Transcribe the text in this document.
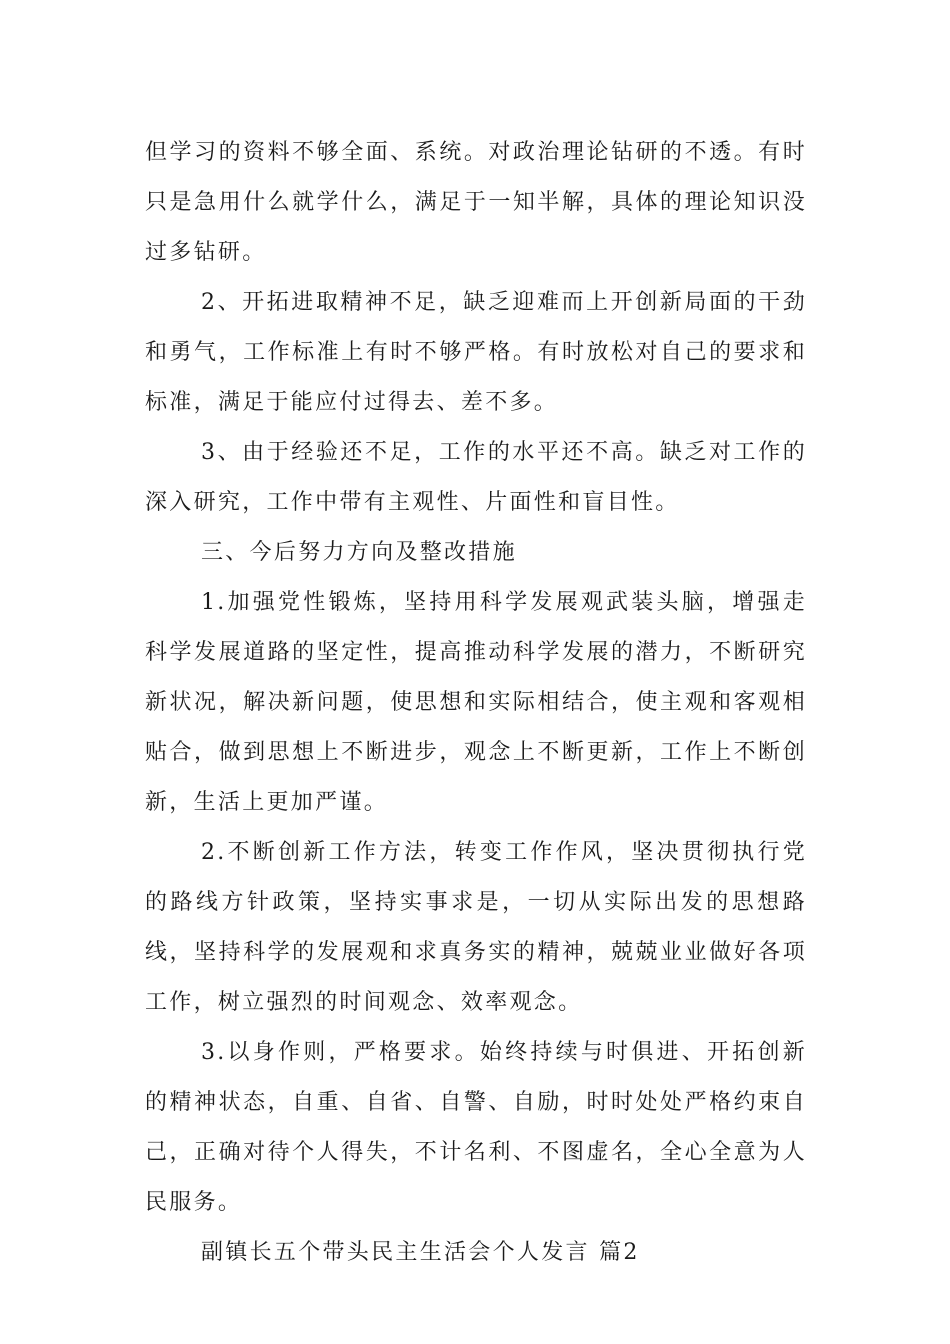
但学习的资料不够全面、系统。对政治理论钻研的不透。有时只是急用什么就学什么，满足于一知半解，具体的理论知识没过多钻研。

2、开拓进取精神不足，缺乏迎难而上开创新局面的干劲和勇气，工作标准上有时不够严格。有时放松对自己的要求和标准，满足于能应付过得去、差不多。

3、由于经验还不足，工作的水平还不高。缺乏对工作的深入研究，工作中带有主观性、片面性和盲目性。

三、今后努力方向及整改措施

1.加强党性锻炼，坚持用科学发展观武装头脑，增强走科学发展道路的坚定性，提高推动科学发展的潜力，不断研究新状况，解决新问题，使思想和实际相结合，使主观和客观相贴合，做到思想上不断进步，观念上不断更新，工作上不断创新，生活上更加严谨。

2.不断创新工作方法，转变工作作风，坚决贯彻执行党的路线方针政策，坚持实事求是，一切从实际出发的思想路线，坚持科学的发展观和求真务实的精神，兢兢业业做好各项工作，树立强烈的时间观念、效率观念。

3.以身作则，严格要求。始终持续与时俱进、开拓创新的精神状态，自重、自省、自警、自励，时时处处严格约束自己，正确对待个人得失，不计名利、不图虚名，全心全意为人民服务。

副镇长五个带头民主生活会个人发言 篇2
